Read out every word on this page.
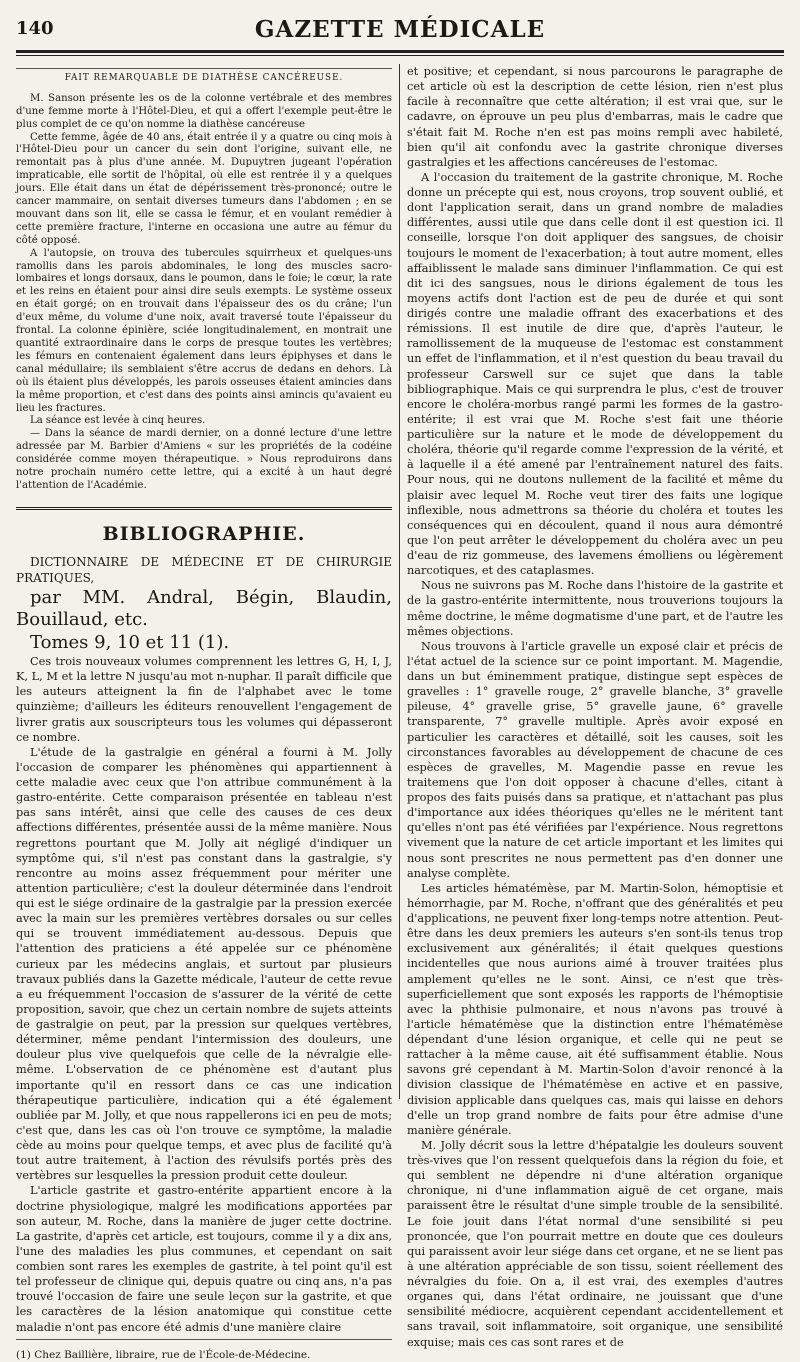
140	GAZETTE MÉDICALE
FAIT REMARQUABLE DE DIATHÈSE CANCÉREUSE.

M. Sanson présente les os de la colonne vertébrale et des membres d'une femme morte à l'Hôtel-Dieu, et qui a offert l'exemple peut-être le plus complet de ce qu'on nomme la diathèse cancéreuse

Cette femme, âgée de 40 ans, était entrée il y a quatre ou cinq mois à l'Hôtel-Dieu pour un cancer du sein dont l'origine, suivant elle, ne remontait pas à plus d'une année. M. Dupuytren jugeant l'opération impraticable, elle sortit de l'hôpital, où elle est rentrée il y a quelques jours. Elle était dans un état de dépérissement très-prononcé; outre le cancer mammaire, on sentait diverses tumeurs dans l'abdomen ; en se mouvant dans son lit, elle se cassa le fémur, et en voulant remédier à cette première fracture, l'interne en occasiona une autre au fémur du côté opposé.

A l'autopsie, on trouva des tubercules squirrheux et quelques-uns ramollis dans les parois abdominales, le long des muscles sacro-lombaires et longs dorsaux, dans le poumon, dans le foie; le cœur, la rate et les reins en étaient pour ainsi dire seuls exempts. Le système osseux en était gorgé; on en trouvait dans l'épaisseur des os du crâne; l'un d'eux même, du volume d'une noix, avait traversé toute l'épaisseur du frontal. La colonne épinière, sciée longitudinalement, en montrait une quantité extraordinaire dans le corps de presque toutes les vertèbres; les fémurs en contenaient également dans leurs épiphyses et dans le canal médullaire; ils semblaient s'être accrus de dedans en dehors. Là où ils étaient plus développés, les parois osseuses étaient amincies dans la même proportion, et c'est dans des points ainsi amincis qu'avaient eu lieu les fractures.

La séance est levée à cinq heures.

— Dans la séance de mardi dernier, on a donné lecture d'une lettre adressée par M. Barbier d'Amiens « sur les propriétés de la codéine considérée comme moyen thérapeutique. » Nous reproduirons dans notre prochain numéro cette lettre, qui a excité à un haut degré l'attention de l'Académie.

BIBLIOGRAPHIE.

DICTIONNAIRE DE MÉDECINE ET DE CHIRURGIE PRATIQUES,

par MM. Andral, Bégin, Blaudin, Bouillaud, etc.

Tomes 9, 10 et 11 (1).

Ces trois nouveaux volumes comprennent les lettres G, H, I, J, K, L, M et la lettre N jusqu'au mot n-nuphar. Il paraît difficile que les auteurs atteignent la fin de l'alphabet avec le tome quinzième; d'ailleurs les éditeurs renouvellent l'engagement de livrer gratis aux souscripteurs tous les volumes qui dépasseront ce nombre.

L'étude de la gastralgie en général a fourni à M. Jolly l'occasion de comparer les phénomènes qui appartiennent à cette maladie avec ceux que l'on attribue communément à la gastro-entérite. Cette comparaison présentée en tableau n'est pas sans intérêt, ainsi que celle des causes de ces deux affections différentes, présentée aussi de la même manière. Nous regrettons pourtant que M. Jolly ait négligé d'indiquer un symptôme qui, s'il n'est pas constant dans la gastralgie, s'y rencontre au moins assez fréquemment pour mériter une attention particulière; c'est la douleur déterminée dans l'endroit qui est le siége ordinaire de la gastralgie par la pression exercée avec la main sur les premières vertèbres dorsales ou sur celles qui se trouvent immédiatement au-dessous. Depuis que l'attention des praticiens a été appelée sur ce phénomène curieux par les médecins anglais, et surtout par plusieurs travaux publiés dans la Gazette médicale, l'auteur de cette revue a eu fréquemment l'occasion de s'assurer de la vérité de cette proposition, savoir, que chez un certain nombre de sujets atteints de gastralgie on peut, par la pression sur quelques vertèbres, déterminer, même pendant l'intermission des douleurs, une douleur plus vive quelquefois que celle de la névralgie elle-même. L'observation de ce phénomène est d'autant plus importante qu'il en ressort dans ce cas une indication thérapeutique particulière, indication qui a été également oubliée par M. Jolly, et que nous rappellerons ici en peu de mots; c'est que, dans les cas où l'on trouve ce symptôme, la maladie cède au moins pour quelque temps, et avec plus de facilité qu'à tout autre traitement, à l'action des révulsifs portés près des vertèbres sur lesquelles la pression produit cette douleur.

L'article gastrite et gastro-entérite appartient encore à la doctrine physiologique, malgré les modifications apportées par son auteur, M. Roche, dans la manière de juger cette doctrine. La gastrite, d'après cet article, est toujours, comme il y a dix ans, l'une des maladies les plus communes, et cependant on sait combien sont rares les exemples de gastrite, à tel point qu'il est tel professeur de clinique qui, depuis quatre ou cinq ans, n'a pas trouvé l'occasion de faire une seule leçon sur la gastrite, et que les caractères de la lésion anatomique qui constitue cette maladie n'ont pas encore été admis d'une manière claire

(1) Chez Baillière, libraire, rue de l'École-de-Médecine.

et positive; et cependant, si nous parcourons le paragraphe de cet article où est la description de cette lésion, rien n'est plus facile à reconnaître que cette altération; il est vrai que, sur le cadavre, on éprouve un peu plus d'embarras, mais le cadre que s'était fait M. Roche n'en est pas moins rempli avec habileté, bien qu'il ait confondu avec la gastrite chronique diverses gastralgies et les affections cancéreuses de l'estomac.

A l'occasion du traitement de la gastrite chronique, M. Roche donne un précepte qui est, nous croyons, trop souvent oublié, et dont l'application serait, dans un grand nombre de maladies différentes, aussi utile que dans celle dont il est question ici. Il conseille, lorsque l'on doit appliquer des sangsues, de choisir toujours le moment de l'exacerbation; à tout autre moment, elles affaiblissent le malade sans diminuer l'inflammation. Ce qui est dit ici des sangsues, nous le dirions également de tous les moyens actifs dont l'action est de peu de durée et qui sont dirigés contre une maladie offrant des exacerbations et des rémissions. Il est inutile de dire que, d'après l'auteur, le ramollissement de la muqueuse de l'estomac est constamment un effet de l'inflammation, et il n'est question du beau travail du professeur Carswell sur ce sujet que dans la table bibliographique. Mais ce qui surprendra le plus, c'est de trouver encore le choléra-morbus rangé parmi les formes de la gastro-entérite; il est vrai que M. Roche s'est fait une théorie particulière sur la nature et le mode de développement du choléra, théorie qu'il regarde comme l'expression de la vérité, et à laquelle il a été amené par l'entraînement naturel des faits. Pour nous, qui ne doutons nullement de la facilité et même du plaisir avec lequel M. Roche veut tirer des faits une logique inflexible, nous admettrons sa théorie du choléra et toutes les conséquences qui en découlent, quand il nous aura démontré que l'on peut arrêter le développement du choléra avec un peu d'eau de riz gommeuse, des lavemens émolliens ou légèrement narcotiques, et des cataplasmes.

Nous ne suivrons pas M. Roche dans l'histoire de la gastrite et de la gastro-entérite intermittente, nous trouverions toujours la même doctrine, le même dogmatisme d'une part, et de l'autre les mêmes objections.

Nous trouvons à l'article gravelle un exposé clair et précis de l'état actuel de la science sur ce point important. M. Magendie, dans un but éminemment pratique, distingue sept espèces de gravelles : 1° gravelle rouge, 2° gravelle blanche, 3° gravelle pileuse, 4° gravelle grise, 5° gravelle jaune, 6° gravelle transparente, 7° gravelle multiple. Après avoir exposé en particulier les caractères et détaillé, soit les causes, soit les circonstances favorables au développement de chacune de ces espèces de gravelles, M. Magendie passe en revue les traitemens que l'on doit opposer à chacune d'elles, citant à propos des faits puisés dans sa pratique, et n'attachant pas plus d'importance aux idées théoriques qu'elles ne le méritent tant qu'elles n'ont pas été vérifiées par l'expérience. Nous regrettons vivement que la nature de cet article important et les limites qui nous sont prescrites ne nous permettent pas d'en donner une analyse complète.

Les articles hématémèse, par M. Martin-Solon, hémoptisie et hémorrhagie, par M. Roche, n'offrant que des généralités et peu d'applications, ne peuvent fixer long-temps notre attention. Peut-être dans les deux premiers les auteurs s'en sont-ils tenus trop exclusivement aux généralités; il était quelques questions incidentelles que nous aurions aimé à trouver traitées plus amplement qu'elles ne le sont. Ainsi, ce n'est que très-superficiellement que sont exposés les rapports de l'hémoptisie avec la phthisie pulmonaire, et nous n'avons pas trouvé à l'article hématémèse que la distinction entre l'hématémèse dépendant d'une lésion organique, et celle qui ne peut se rattacher à la même cause, ait été suffisamment établie. Nous savons gré cependant à M. Martin-Solon d'avoir renoncé à la division classique de l'hématémèse en active et en passive, division applicable dans quelques cas, mais qui laisse en dehors d'elle un trop grand nombre de faits pour être admise d'une manière générale.

M. Jolly décrit sous la lettre d'hépatalgie les douleurs souvent très-vives que l'on ressent quelquefois dans la région du foie, et qui semblent ne dépendre ni d'une altération organique chronique, ni d'une inflammation aiguë de cet organe, mais paraissent être le résultat d'une simple trouble de la sensibilité. Le foie jouit dans l'état normal d'une sensibilité si peu prononcée, que l'on pourrait mettre en doute que ces douleurs qui paraissent avoir leur siége dans cet organe, et ne se lient pas à une altération appréciable de son tissu, soient réellement des névralgies du foie. On a, il est vrai, des exemples d'autres organes qui, dans l'état ordinaire, ne jouissant que d'une sensibilité médiocre, acquièrent cependant accidentellement et sans travail, soit inflammatoire, soit organique, une sensibilité exquise; mais ces cas sont rares et de
